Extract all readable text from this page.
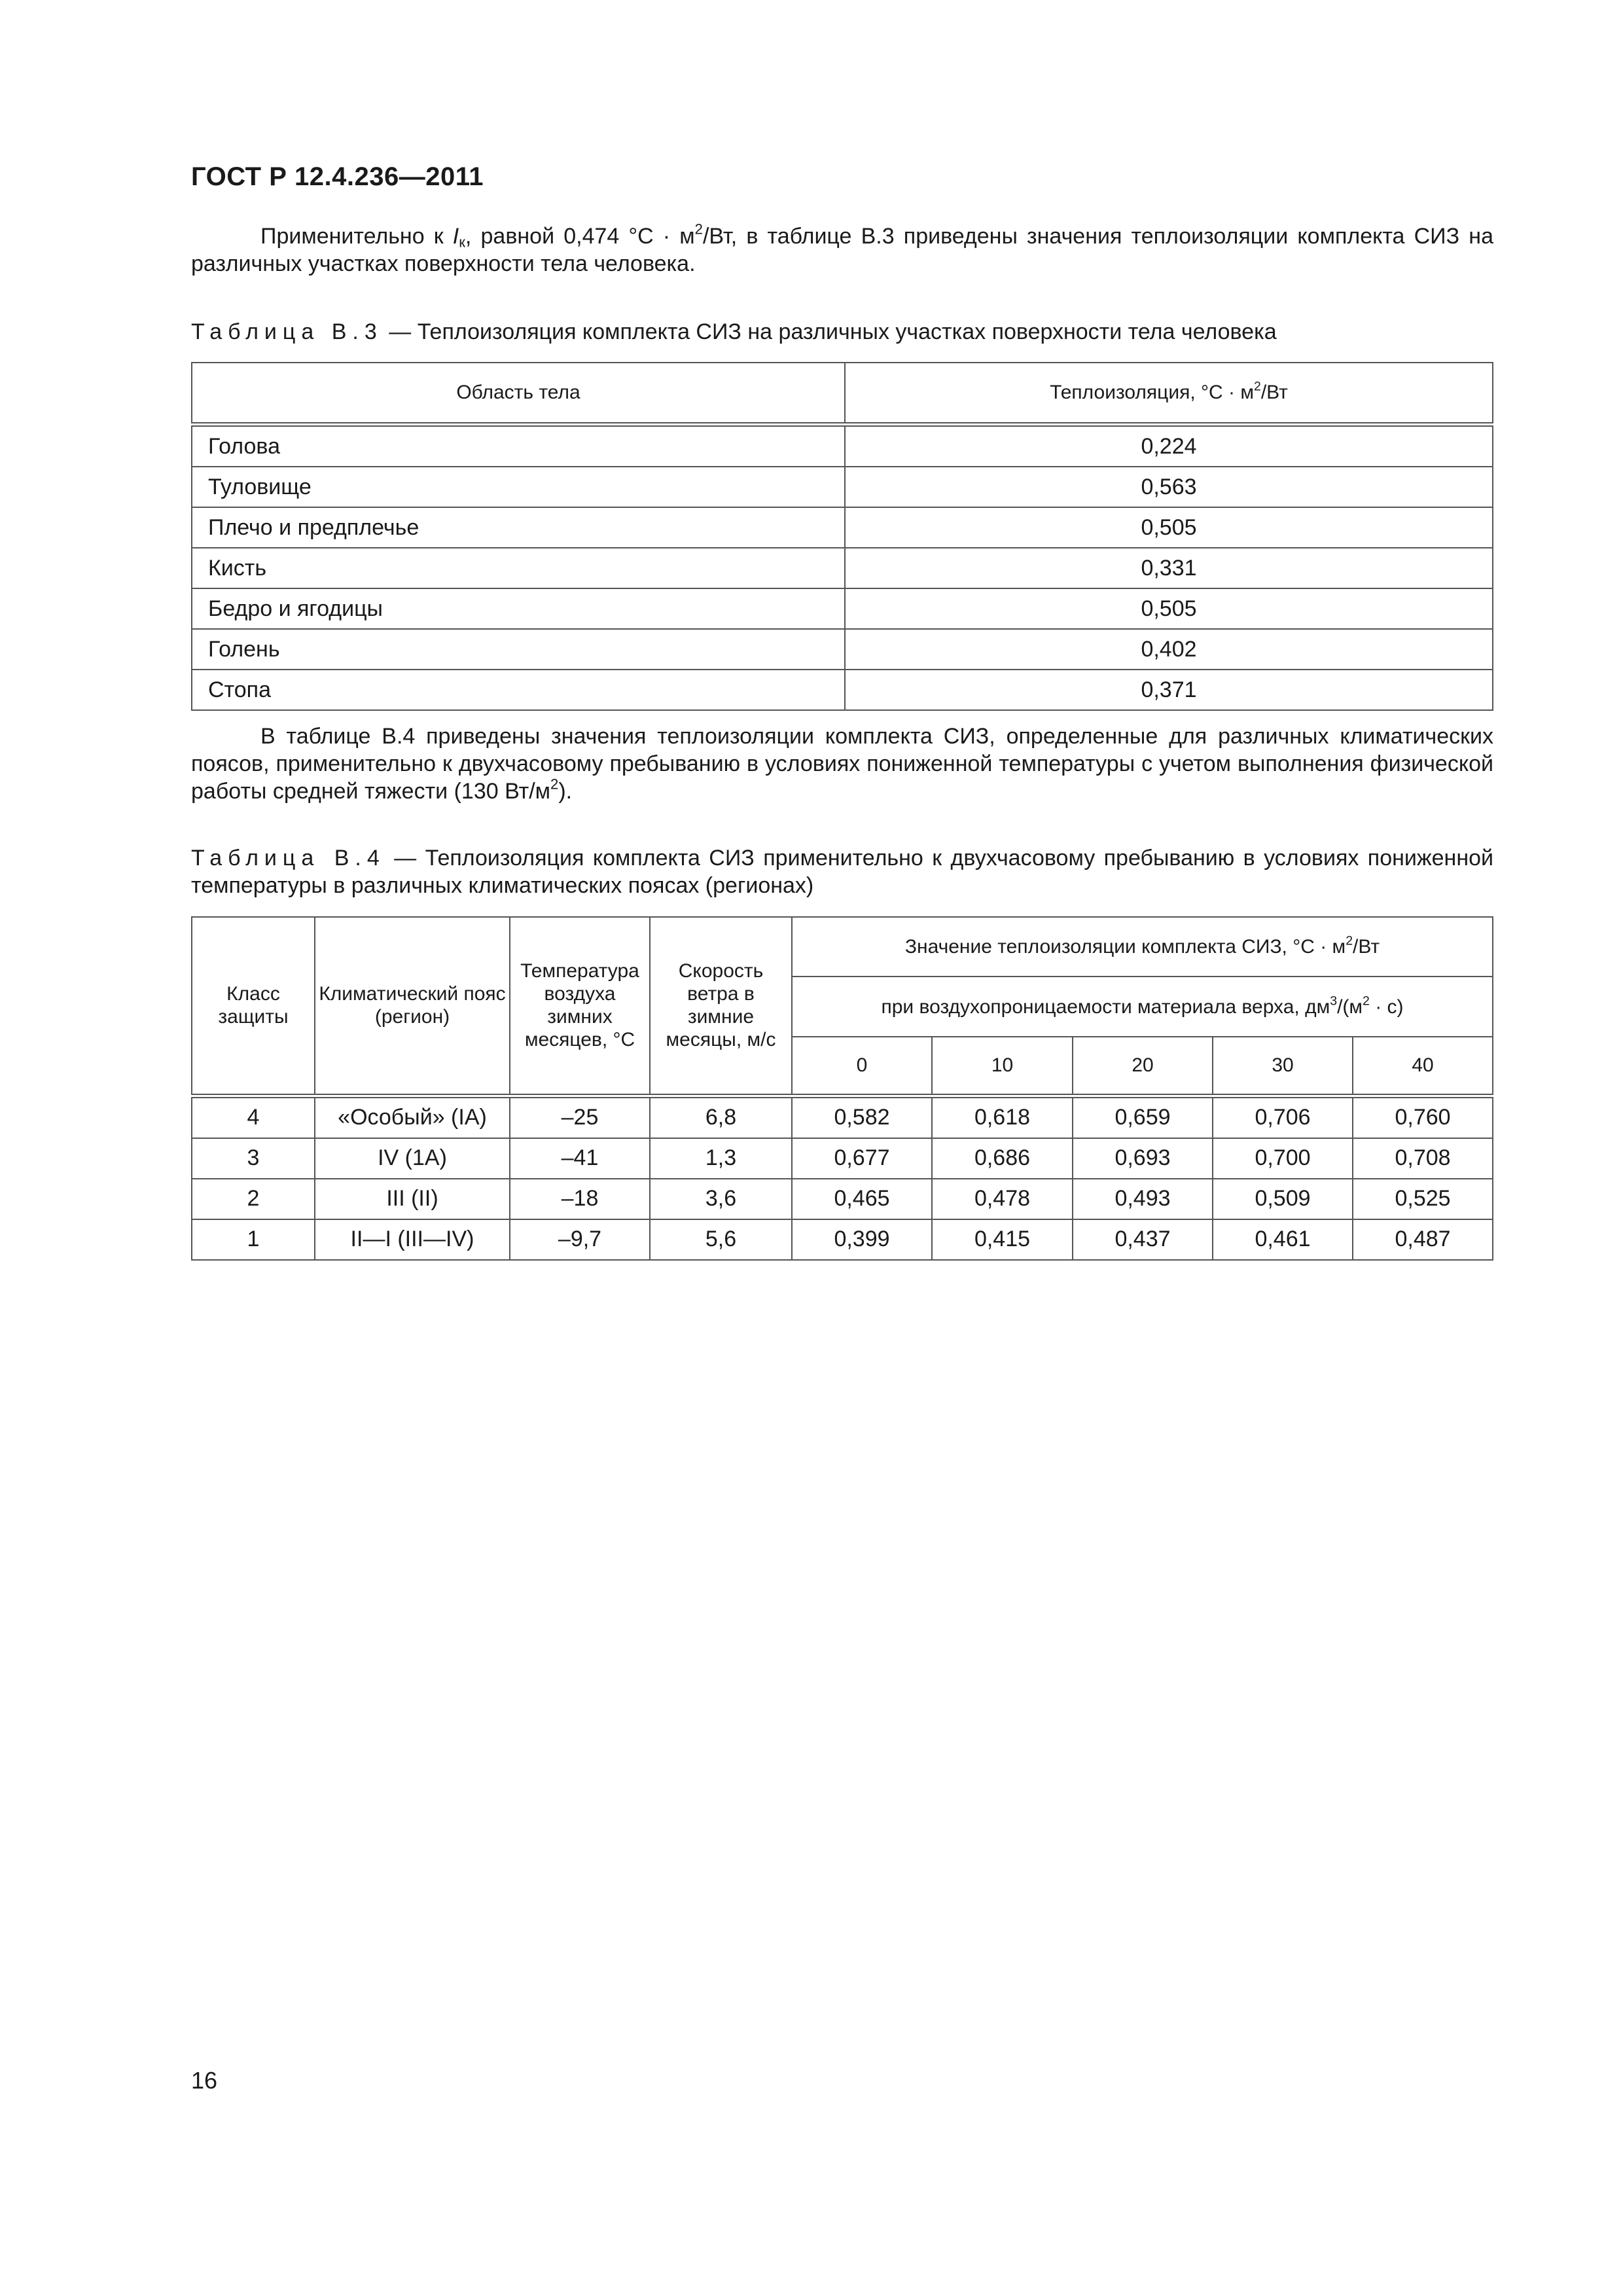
ГОСТ Р 12.4.236—2011
Применительно к $I_к$, равной 0,474 $^\circ С \cdot м^2/Вт$, в таблице В.3 приведены значения теплоизоляции комплекта СИЗ на различных участках поверхности тела человека.
Таблица В.3 — Теплоизоляция комплекта СИЗ на различных участках поверхности тела человека
Область тела	Теплоизоляция, $^\circ С \cdot м^2/Вт$
Голова	0,224
Туловище	0,563
Плечо и предплечье	0,505
Кисть	0,331
Бедро и ягодицы	0,505
Голень	0,402
Стопа	0,371
В таблице В.4 приведены значения теплоизоляции комплекта СИЗ, определенные для различных климатических поясов, применительно к двухчасовому пребыванию в условиях пониженной температуры с учетом выполнения физической работы средней тяжести (130 $Вт/м^2$).
Таблица В.4 — Теплоизоляция комплекта СИЗ применительно к двухчасовому пребыванию в условиях пониженной температуры в различных климатических поясах (регионах)
Класс защиты	Климатический пояс (регион)	Температура воздуха зимних месяцев, °С	Скорость ветра в зимние месяцы, м/с	Значение теплоизоляции комплекта СИЗ, $^\circ С \cdot м^2/Вт$				
				при воздухопроницаемости материала верха, $дм^3/(м^2 \cdot с)$				
				0	10	20	30	40
4	«Особый» (IА)	–25	6,8	0,582	0,618	0,659	0,706	0,760
3	IV (1А)	–41	1,3	0,677	0,686	0,693	0,700	0,708
2	III (II)	–18	3,6	0,465	0,478	0,493	0,509	0,525
1	II—I (III—IV)	–9,7	5,6	0,399	0,415	0,437	0,461	0,487
16
